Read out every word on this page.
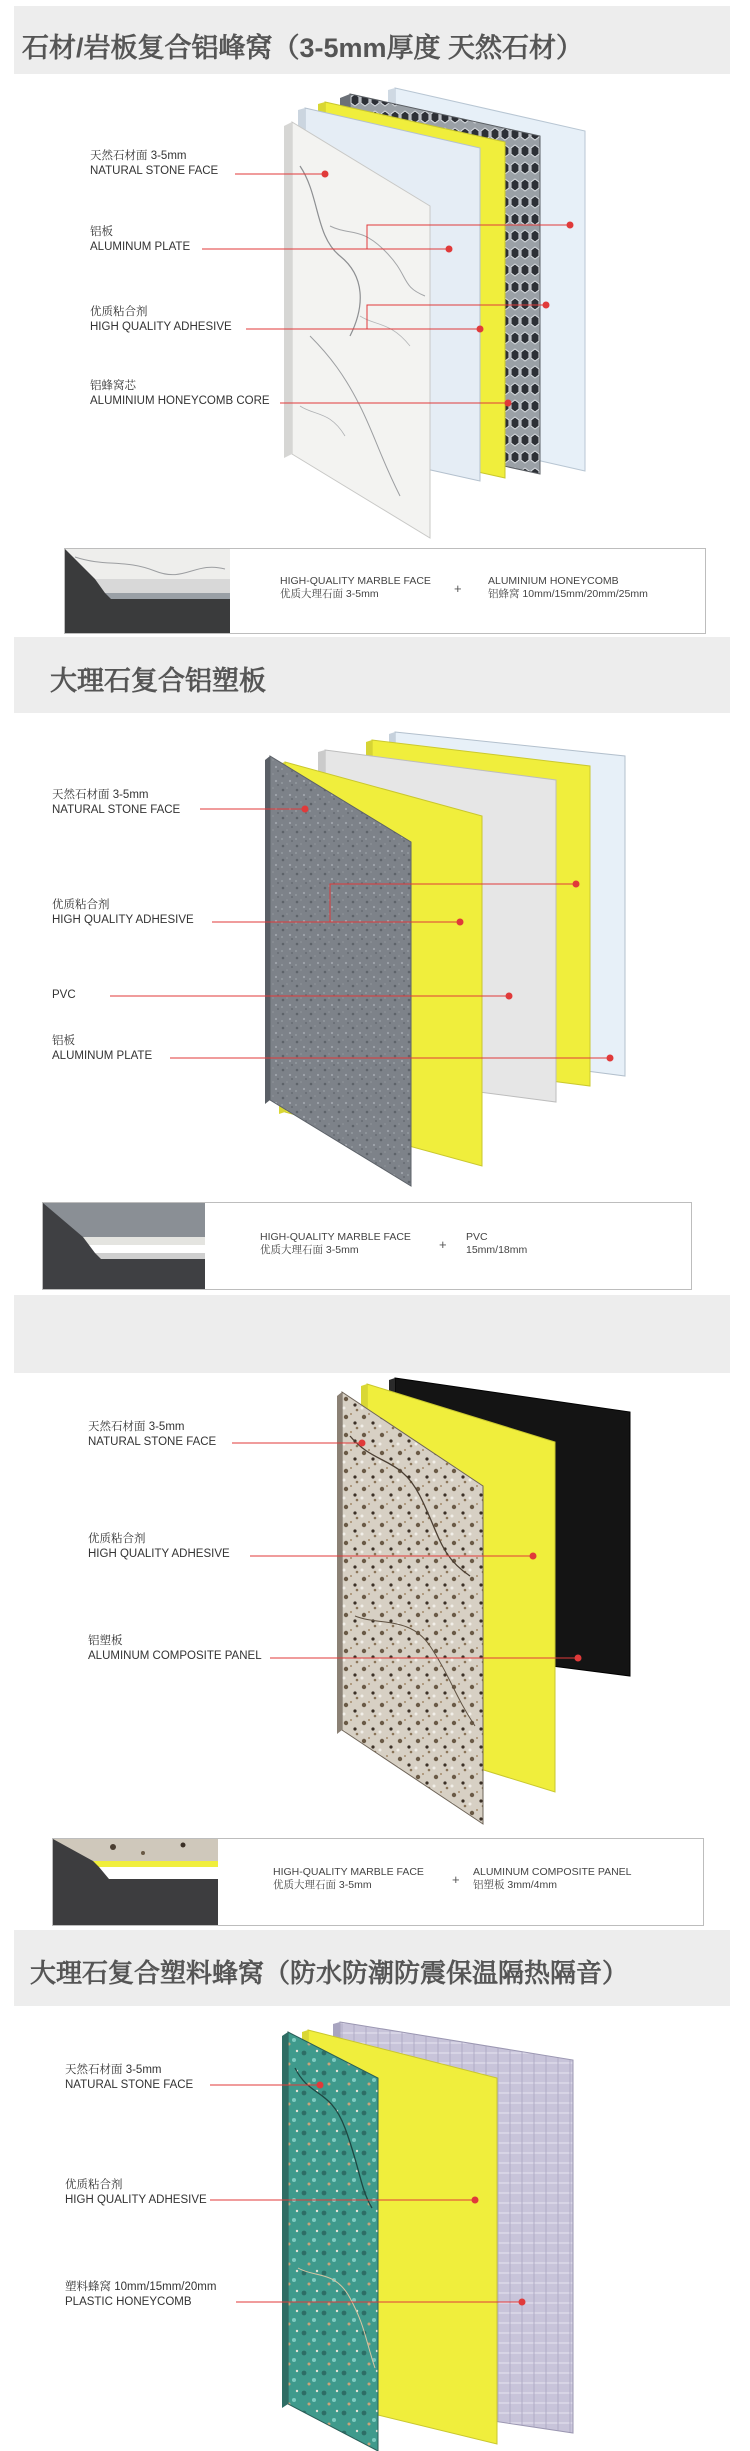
石材/岩板复合铝峰窝（3-5mm厚度 天然石材）
天然石材面 3-5mm
NATURAL STONE FACE
铝板
ALUMINUM PLATE
优质粘合剂
HIGH QUALITY ADHESIVE
铝蜂窝芯
ALUMINIUM HONEYCOMB CORE
HIGH-QUALITY MARBLE FACE
优质大理石面 3-5mm	+	ALUMINIUM HONEYCOMB
铝蜂窝 10mm/15mm/20mm/25mm
大理石复合铝塑板
天然石材面 3-5mm
NATURAL STONE FACE
优质粘合剂
HIGH QUALITY ADHESIVE
PVC
铝板
ALUMINUM PLATE
HIGH-QUALITY MARBLE FACE
优质大理石面 3-5mm	+ PVC
15mm/18mm
天然石材面 3-5mm
NATURAL STONE FACE
优质粘合剂
HIGH QUALITY ADHESIVE
铝塑板
ALUMINUM COMPOSITE PANEL
HIGH-QUALITY MARBLE FACE
优质大理石面 3-5mm	+ ALUMINUM COMPOSITE PANEL
铝塑板 3mm/4mm
大理石复合塑料蜂窝（防水防潮防震保温隔热隔音）
天然石材面 3-5mm
NATURAL STONE FACE
优质粘合剂
HIGH QUALITY ADHESIVE
塑料蜂窝 10mm/15mm/20mm
PLASTIC HONEYCOMB
